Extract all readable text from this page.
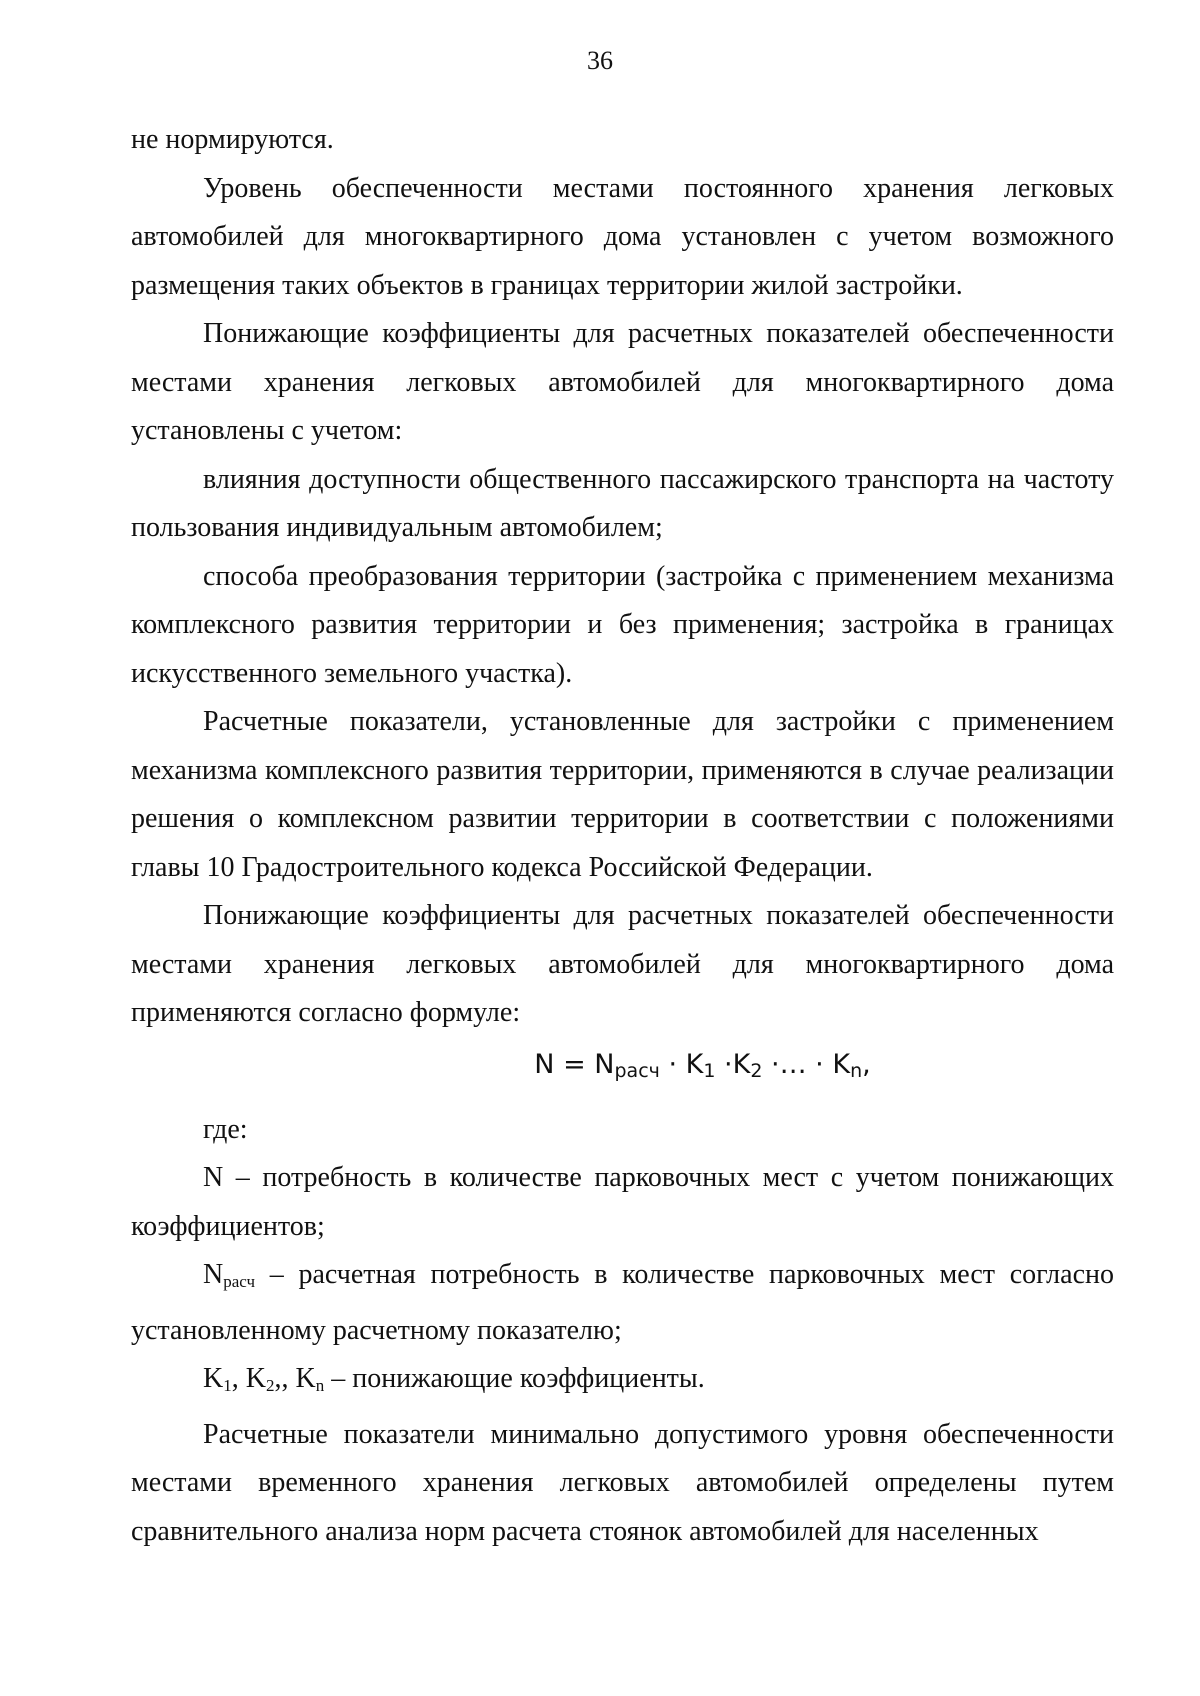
36

не нормируются.

Уровень обеспеченности местами постоянного хранения легковых автомобилей для многоквартирного дома установлен с учетом возможного размещения таких объектов в границах территории жилой застройки.

Понижающие коэффициенты для расчетных показателей обеспеченности местами хранения легковых автомобилей для многоквартирного дома установлены с учетом:

влияния доступности общественного пассажирского транспорта на частоту пользования индивидуальным автомобилем;

способа преобразования территории (застройка с применением механизма комплексного развития территории и без применения; застройка в границах искусственного земельного участка).

Расчетные показатели, установленные для застройки с применением механизма комплексного развития территории, применяются в случае реализации решения о комплексном развитии территории в соответствии с положениями главы 10 Градостроительного кодекса Российской Федерации.

Понижающие коэффициенты для расчетных показателей обеспеченности местами хранения легковых автомобилей для многоквартирного дома применяются согласно формуле:

$N = N_{расч} \cdot K_1 \cdot K_2$ ·… · $K_n$,

где:

N – потребность в количестве парковочных мест с учетом понижающих коэффициентов;

$N_{расч}$ – расчетная потребность в количестве парковочных мест согласно установленному расчетному показателю;

$K_1$, $K_2$,, $K_n$ – понижающие коэффициенты.

Расчетные показатели минимально допустимого уровня обеспеченности местами временного хранения легковых автомобилей определены путем сравнительного анализа норм расчета стоянок автомобилей для населенных
